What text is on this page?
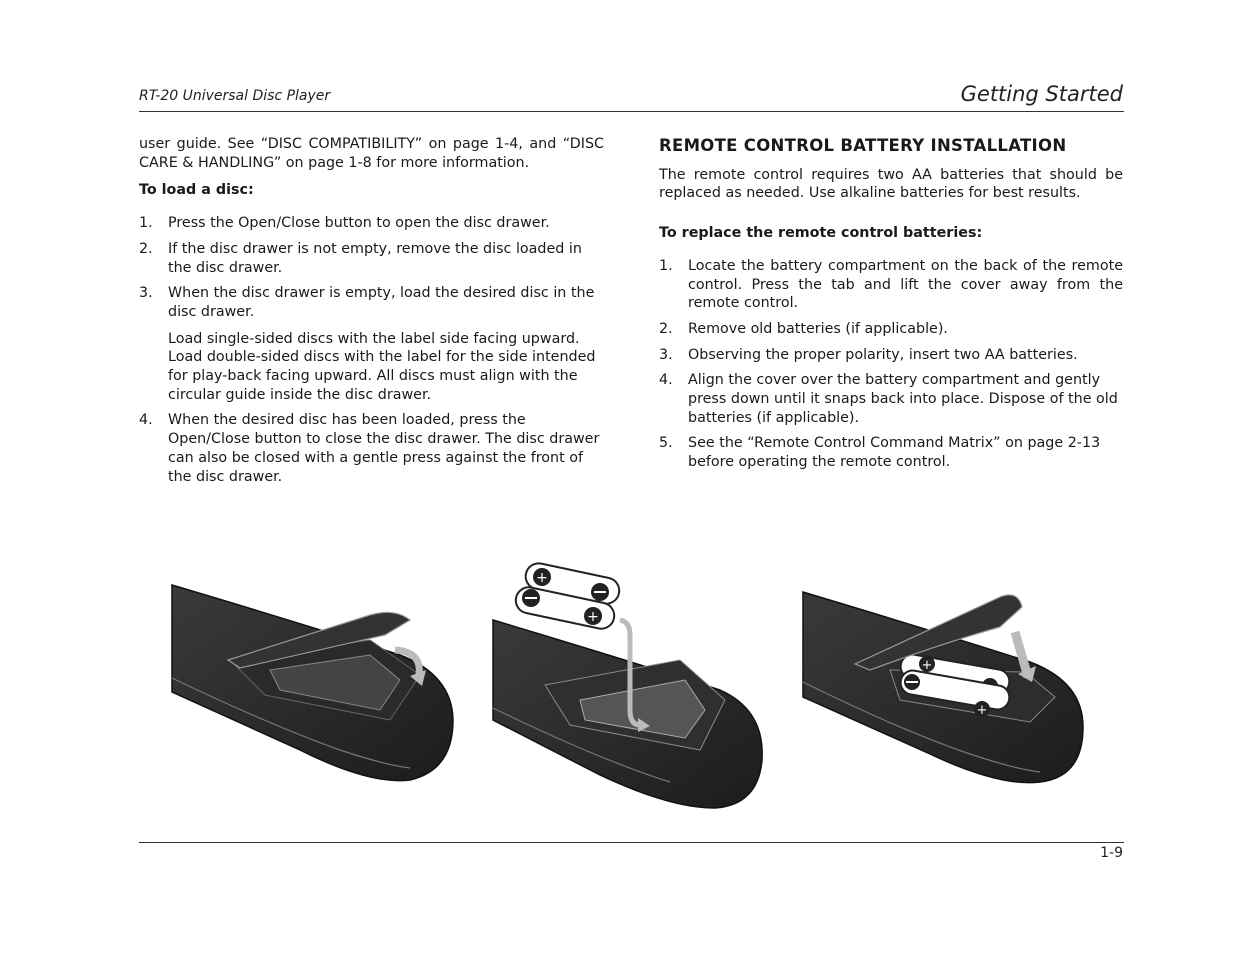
RT-20 Universal Disc Player	Getting Started

user guide. See “DISC COMPATIBILITY” on page 1-4, and “DISC CARE & HANDLING” on page 1-8 for more information.

To load a disc:

1. Press the Open/Close button to open the disc drawer.
2. If the disc drawer is not empty, remove the disc loaded in the disc drawer.
3. When the disc drawer is empty, load the desired disc in the disc drawer.

Load single-sided discs with the label side facing upward. Load double-sided discs with the label for the side intended for play-back facing upward. All discs must align with the circular guide inside the disc drawer.

4. When the desired disc has been loaded, press the Open/Close button to close the disc drawer. The disc drawer can also be closed with a gentle press against the front of the disc drawer.

REMOTE CONTROL BATTERY INSTALLATION

The remote control requires two AA batteries that should be replaced as needed. Use alkaline batteries for best results.

To replace the remote control batteries:

1. Locate the battery compartment on the back of the remote control. Press the tab and lift the cover away from the remote control.
2. Remove old batteries (if applicable).
3. Observing the proper polarity, insert two AA batteries.
4. Align the cover over the battery compartment and gently press down until it snaps back into place. Dispose of the old batteries (if applicable).
5. See the “Remote Control Command Matrix” on page 2-13 before operating the remote control.
+
+
+
+
1-9
